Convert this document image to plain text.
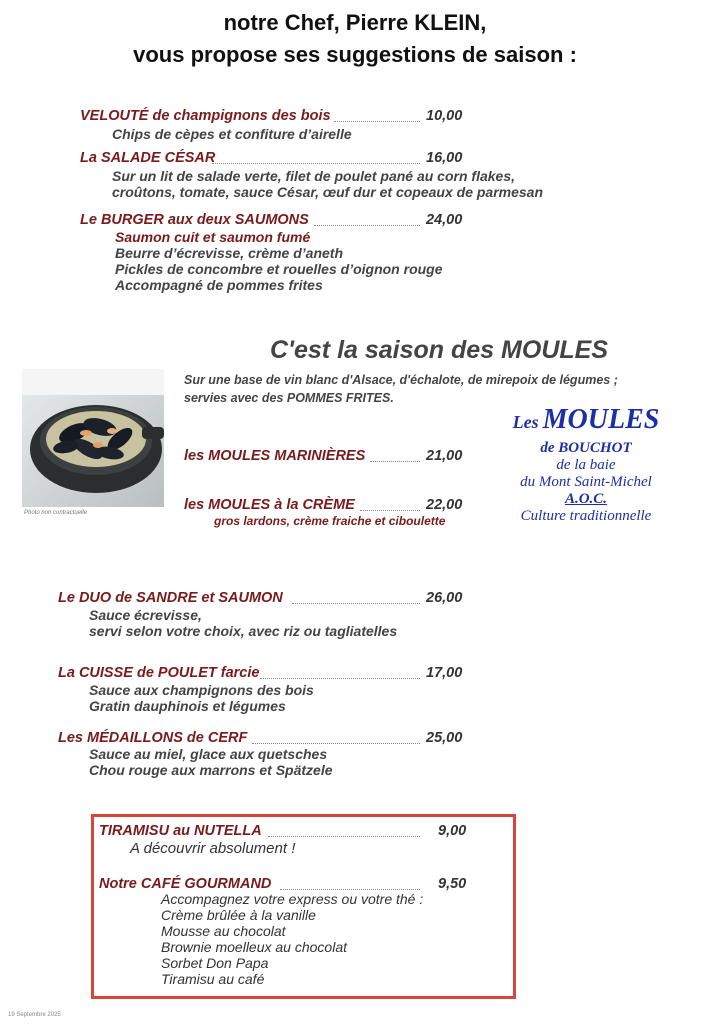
notre Chef, Pierre KLEIN,
vous propose ses suggestions de saison :
VELOUTÉ de champignons des bois	10,00
Chips de cèpes et confiture d’airelle
La SALADE CÉSAR	16,00
Sur un lit de salade verte, filet de poulet pané au corn flakes,
croûtons, tomate, sauce César, œuf dur et copeaux de parmesan
Le BURGER aux deux SAUMONS	24,00
Saumon cuit et saumon fumé
Beurre d’écrevisse, crème d’aneth
Pickles de concombre et rouelles d’oignon rouge
Accompagné de pommes frites
C'est la saison des MOULES
Photo non contractuelle
Sur une base de vin blanc d'Alsace, d'échalote, de mirepoix de légumes ;
servies avec des POMMES FRITES.
les MOULES MARINIÈRES	21,00
les MOULES à la CRÈME	22,00
gros lardons, crème fraiche et ciboulette
Les MOULES
de BOUCHOT
de la baie
du Mont Saint-Michel
A.O.C.
Culture traditionnelle
Le DUO de SANDRE et SAUMON	26,00
Sauce écrevisse,
servi selon votre choix, avec riz ou tagliatelles
La CUISSE de POULET farcie	17,00
Sauce aux champignons des bois
Gratin dauphinois et légumes
Les MÉDAILLONS de CERF	25,00
Sauce au miel, glace aux quetsches
Chou rouge aux marrons et Spätzele
TIRAMISU au NUTELLA	9,00
A découvrir absolument !
Notre CAFÉ GOURMAND	9,50
Accompagnez votre express ou votre thé :
Crème brûlée à la vanille
Mousse au chocolat
Brownie moelleux au chocolat
Sorbet Don Papa
Tiramisu au café
19 Septembre 2025
